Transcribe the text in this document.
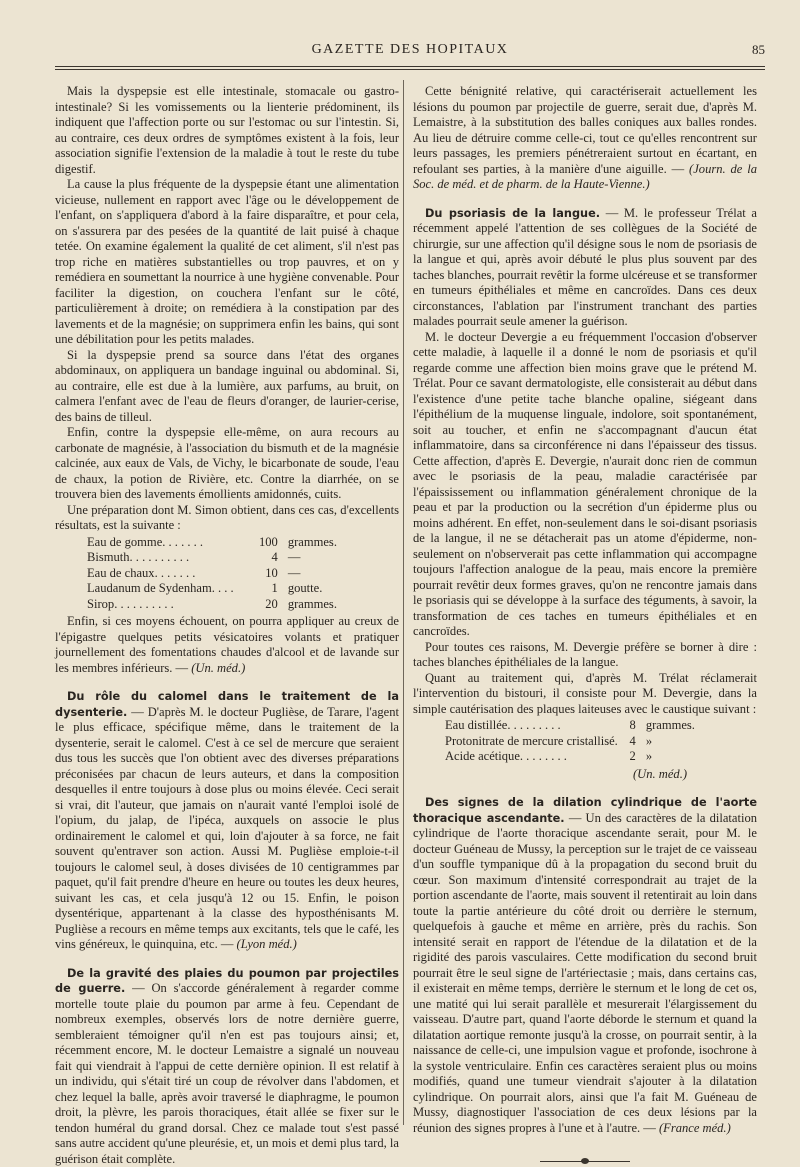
GAZETTE DES HOPITAUX	85

Mais la dyspepsie est elle intestinale, stomacale ou gastro-intestinale? Si les vomissements ou la lienterie prédominent, ils indiquent que l'affection porte ou sur l'estomac ou sur l'intestin. Si, au contraire, ces deux ordres de symptômes existent à la fois, leur association signifie l'extension de la maladie à tout le reste du tube digestif.

La cause la plus fréquente de la dyspepsie étant une alimentation vicieuse, nullement en rapport avec l'âge ou le développement de l'enfant, on s'appliquera d'abord à la faire disparaître, et pour cela, on s'assurera par des pesées de la quantité de lait puisé à chaque tetée. On examine également la qualité de cet aliment, s'il n'est pas trop riche en matières substantielles ou trop pauvres, et on y remédiera en soumettant la nourrice à une hygiène convenable. Pour faciliter la digestion, on couchera l'enfant sur le côté, particulièrement à droite; on remédiera à la constipation par des lavements et de la magnésie; on supprimera enfin les bains, qui sont une débilitation pour les petits malades.

Si la dyspepsie prend sa source dans l'état des organes abdominaux, on appliquera un bandage inguinal ou abdominal. Si, au contraire, elle est due à la lumière, aux parfums, au bruit, on calmera l'enfant avec de l'eau de fleurs d'oranger, de laurier-cerise, des bains de tilleul.

Enfin, contre la dyspepsie elle-même, on aura recours au carbonate de magnésie, à l'association du bismuth et de la magnésie calcinée, aux eaux de Vals, de Vichy, le bicarbonate de soude, l'eau de chaux, la potion de Rivière, etc. Contre la diarrhée, on se trouvera bien des lavements émollients amidonnés, cuits.

Une préparation dont M. Simon obtient, dans ces cas, d'excellents résultats, est la suivante :

Eau de gomme. . . . . . .	100	grammes.
Bismuth. . . . . . . . . .	4	—
Eau de chaux. . . . . . .	10	—
Laudanum de Sydenham. . . .	1	goutte.
Sirop. . . . . . . . . .	20	grammes.

Enfin, si ces moyens échouent, on pourra appliquer au creux de l'épigastre quelques petits vésicatoires volants et pratiquer journellement des fomentations chaudes d'alcool et de lavande sur les membres inférieurs. — (Un. méd.)

Du rôle du calomel dans le traitement de la dysenterie. — D'après M. le docteur Puglièse, de Tarare, l'agent le plus efficace, spécifique même, dans le traitement de la dysenterie, serait le calomel. C'est à ce sel de mercure que seraient dus tous les succès que l'on obtient avec des diverses préparations préconisées par chacun de leurs auteurs, et dans la composition desquelles il entre toujours à dose plus ou moins élevée. Ceci serait si vrai, dit l'auteur, que jamais on n'aurait vanté l'emploi isolé de l'opium, du jalap, de l'ipéca, auxquels on associe le plus ordinairement le calomel et qui, loin d'ajouter à sa force, ne fait souvent qu'entraver son action. Aussi M. Puglièse emploie-t-il toujours le calomel seul, à doses divisées de 10 centigrammes par paquet, qu'il fait prendre d'heure en heure ou toutes les deux heures, suivant les cas, et cela jusqu'à 12 ou 15. Enfin, le poison dysentérique, appartenant à la classe des hyposthénisants M. Puglièse a recours en même temps aux excitants, tels que le café, les vins généreux, le quinquina, etc. — (Lyon méd.)

De la gravité des plaies du poumon par projectiles de guerre. — On s'accorde généralement à regarder comme mortelle toute plaie du poumon par arme à feu. Cependant de nombreux exemples, observés lors de notre dernière guerre, sembleraient témoigner qu'il n'en est pas toujours ainsi; et, récemment encore, M. le docteur Lemaistre a signalé un nouveau fait qui viendrait à l'appui de cette dernière opinion. Il est relatif à un individu, qui s'était tiré un coup de révolver dans l'abdomen, et chez lequel la balle, après avoir traversé le diaphragme, le poumon droit, la plèvre, les parois thoraciques, était allée se fixer sur le tendon huméral du grand dorsal. Chez ce malade tout s'est passé sans autre accident qu'une pleurésie, et, un mois et demi plus tard, la guérison était complète.

Cette bénignité relative, qui caractériserait actuellement les lésions du poumon par projectile de guerre, serait due, d'après M. Lemaistre, à la substitution des balles coniques aux balles rondes. Au lieu de détruire comme celle-ci, tout ce qu'elles rencontrent sur leurs passages, les premiers pénétreraient surtout en écartant, en refoulant ses parties, à la manière d'une aiguille. — (Journ. de la Soc. de méd. et de pharm. de la Haute-Vienne.)

Du psoriasis de la langue. — M. le professeur Trélat a récemment appelé l'attention de ses collègues de la Société de chirurgie, sur une affection qu'il désigne sous le nom de psoriasis de la langue et qui, après avoir débuté le plus plus souvent par des taches blanches, pourrait revêtir la forme ulcéreuse et se transformer en tumeurs épithéliales et même en cancroïdes. Dans ces deux circonstances, l'ablation par l'instrument tranchant des parties malades pourrait seule amener la guérison.

M. le docteur Devergie a eu fréquemment l'occasion d'observer cette maladie, à laquelle il a donné le nom de psoriasis et qu'il regarde comme une affection bien moins grave que le prétend M. Trélat. Pour ce savant dermatologiste, elle consisterait au début dans l'existence d'une petite tache blanche opaline, siégeant dans l'épithélium de la muquense linguale, indolore, soit spontanément, soit au toucher, et enfin ne s'accompagnant d'aucun état inflammatoire, dans sa circonférence ni dans l'épaisseur des tissus. Cette affection, d'après E. Devergie, n'aurait donc rien de commun avec le psoriasis de la peau, maladie caractérisée par l'épaississement ou inflammation généralement chronique de la peau et par la production ou la secrétion d'un épiderme plus ou moins adhérent. En effet, non-seulement dans le soi-disant psoriasis de la langue, il ne se détacherait pas un atome d'épiderme, non-seulement on n'observerait pas cette inflammation qui accompagne toujours l'affection analogue de la peau, mais encore la première pourrait revêtir deux formes graves, qu'on ne rencontre jamais dans le psoriasis qui se développe à la surface des téguments, à savoir, la transformation de ces taches en tumeurs épithéliales et en cancroïdes.

Pour toutes ces raisons, M. Devergie préfère se borner à dire : taches blanches épithéliales de la langue.

Quant au traitement qui, d'après M. Trélat réclamerait l'intervention du bistouri, il consiste pour M. Devergie, dans la simple cautérisation des plaques laiteuses avec le caustique suivant :

Eau distillée. . . . . . . . .	8	grammes.
Protonitrate de mercure cristallisé.	4	»
Acide acétique. . . . . . . .	2	»

(Un. méd.)

Des signes de la dilation cylindrique de l'aorte thoracique ascendante. — Un des caractères de la dilatation cylindrique de l'aorte thoracique ascendante serait, pour M. le docteur Guéneau de Mussy, la perception sur le trajet de ce vaisseau d'un souffle tympanique dû à la propagation du second bruit du cœur. Son maximum d'intensité correspondrait au trajet de la portion ascendante de l'aorte, mais souvent il retentirait au loin dans toute la partie antérieure du côté droit ou derrière le sternum, quelquefois à gauche et même en arrière, près du rachis. Son intensité serait en rapport de l'étendue de la dilatation et de la rigidité des parois vasculaires. Cette modification du second bruit pourrait être le seul signe de l'artériectasie ; mais, dans certains cas, il existerait en même temps, derrière le sternum et le long de cet os, une matité qui lui serait parallèle et mesurerait l'élargissement du vaisseau. D'autre part, quand l'aorte déborde le sternum et quand la dilatation aortique remonte jusqu'à la crosse, on pourrait sentir, à la naissance de celle-ci, une impulsion vague et profonde, isochrone à la systole ventriculaire. Enfin ces caractères seraient plus ou moins modifiés, quand une tumeur viendrait s'ajouter à la dilatation cylindrique. On pourrait alors, ainsi que l'a fait M. Guéneau de Mussy, diagnostiquer l'association de ces deux lésions par la réunion des signes propres à l'une et à l'autre. — (France méd.)
